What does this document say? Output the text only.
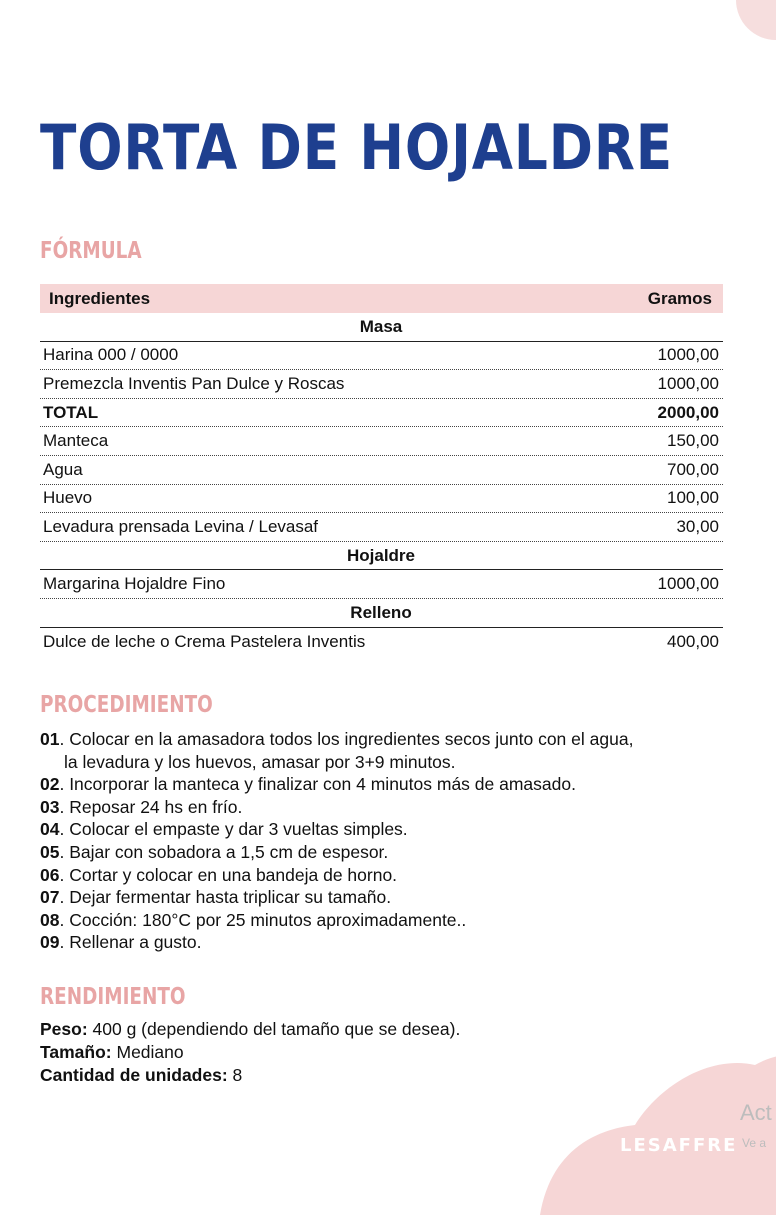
LESAFFRE
Act
Ve a
TORTA DE HOJALDRE
FÓRMULA
Ingredientes	Gramos
Masa
Harina 000 / 0000	1000,00
Premezcla Inventis Pan Dulce y Roscas	1000,00
TOTAL	2000,00
Manteca	150,00
Agua	700,00
Huevo	100,00
Levadura prensada Levina / Levasaf	30,00
Hojaldre
Margarina Hojaldre Fino	1000,00
Relleno
Dulce de leche o Crema Pastelera Inventis	400,00
PROCEDIMIENTO
01. Colocar en la amasadora todos los ingredientes secos junto con el agua,
la levadura y los huevos, amasar por 3+9 minutos.
02. Incorporar la manteca y finalizar con 4 minutos más de amasado.
03. Reposar 24 hs en frío.
04. Colocar el empaste y dar 3 vueltas simples.
05. Bajar con sobadora a 1,5 cm de espesor.
06. Cortar y colocar en una bandeja de horno.
07. Dejar fermentar hasta triplicar su tamaño.
08. Cocción: 180°C por 25 minutos aproximadamente..
09. Rellenar a gusto.
RENDIMIENTO
Peso: 400 g (dependiendo del tamaño que se desea).
Tamaño: Mediano
Cantidad de unidades: 8
